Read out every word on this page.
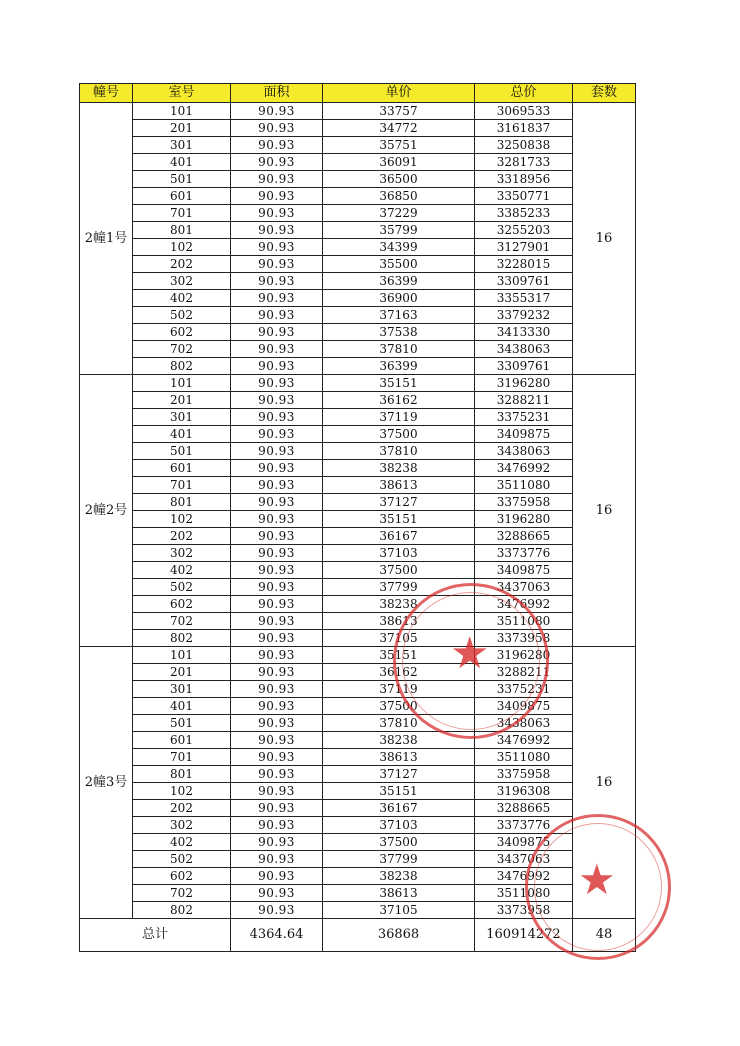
幢号	室号	面积	单价	总价	套数
2幢1号	101	90.93	33757	3069533	16
	201	90.93	34772	3161837	
	301	90.93	35751	3250838	
	401	90.93	36091	3281733	
	501	90.93	36500	3318956	
	601	90.93	36850	3350771	
	701	90.93	37229	3385233	
	801	90.93	35799	3255203	
	102	90.93	34399	3127901	
	202	90.93	35500	3228015	
	302	90.93	36399	3309761	
	402	90.93	36900	3355317	
	502	90.93	37163	3379232	
	602	90.93	37538	3413330	
	702	90.93	37810	3438063	
	802	90.93	36399	3309761	
2幢2号	101	90.93	35151	3196280	16
	201	90.93	36162	3288211	
	301	90.93	37119	3375231	
	401	90.93	37500	3409875	
	501	90.93	37810	3438063	
	601	90.93	38238	3476992	
	701	90.93	38613	3511080	
	801	90.93	37127	3375958	
	102	90.93	35151	3196280	
	202	90.93	36167	3288665	
	302	90.93	37103	3373776	
	402	90.93	37500	3409875	
	502	90.93	37799	3437063	
	602	90.93	38238	3476992	
	702	90.93	38613	3511080	
	802	90.93	37105	3373958	
2幢3号	101	90.93	35151	3196280	16
	201	90.93	36162	3288211	
	301	90.93	37119	3375231	
	401	90.93	37500	3409875	
	501	90.93	37810	3438063	
	601	90.93	38238	3476992	
	701	90.93	38613	3511080	
	801	90.93	37127	3375958	
	102	90.93	35151	3196308	
	202	90.93	36167	3288665	
	302	90.93	37103	3373776	
	402	90.93	37500	3409875	
	502	90.93	37799	3437063	
	602	90.93	38238	3476992	
	702	90.93	38613	3511080	
	802	90.93	37105	3373958	
总计		4364.64	36868	160914272	48
★
★
